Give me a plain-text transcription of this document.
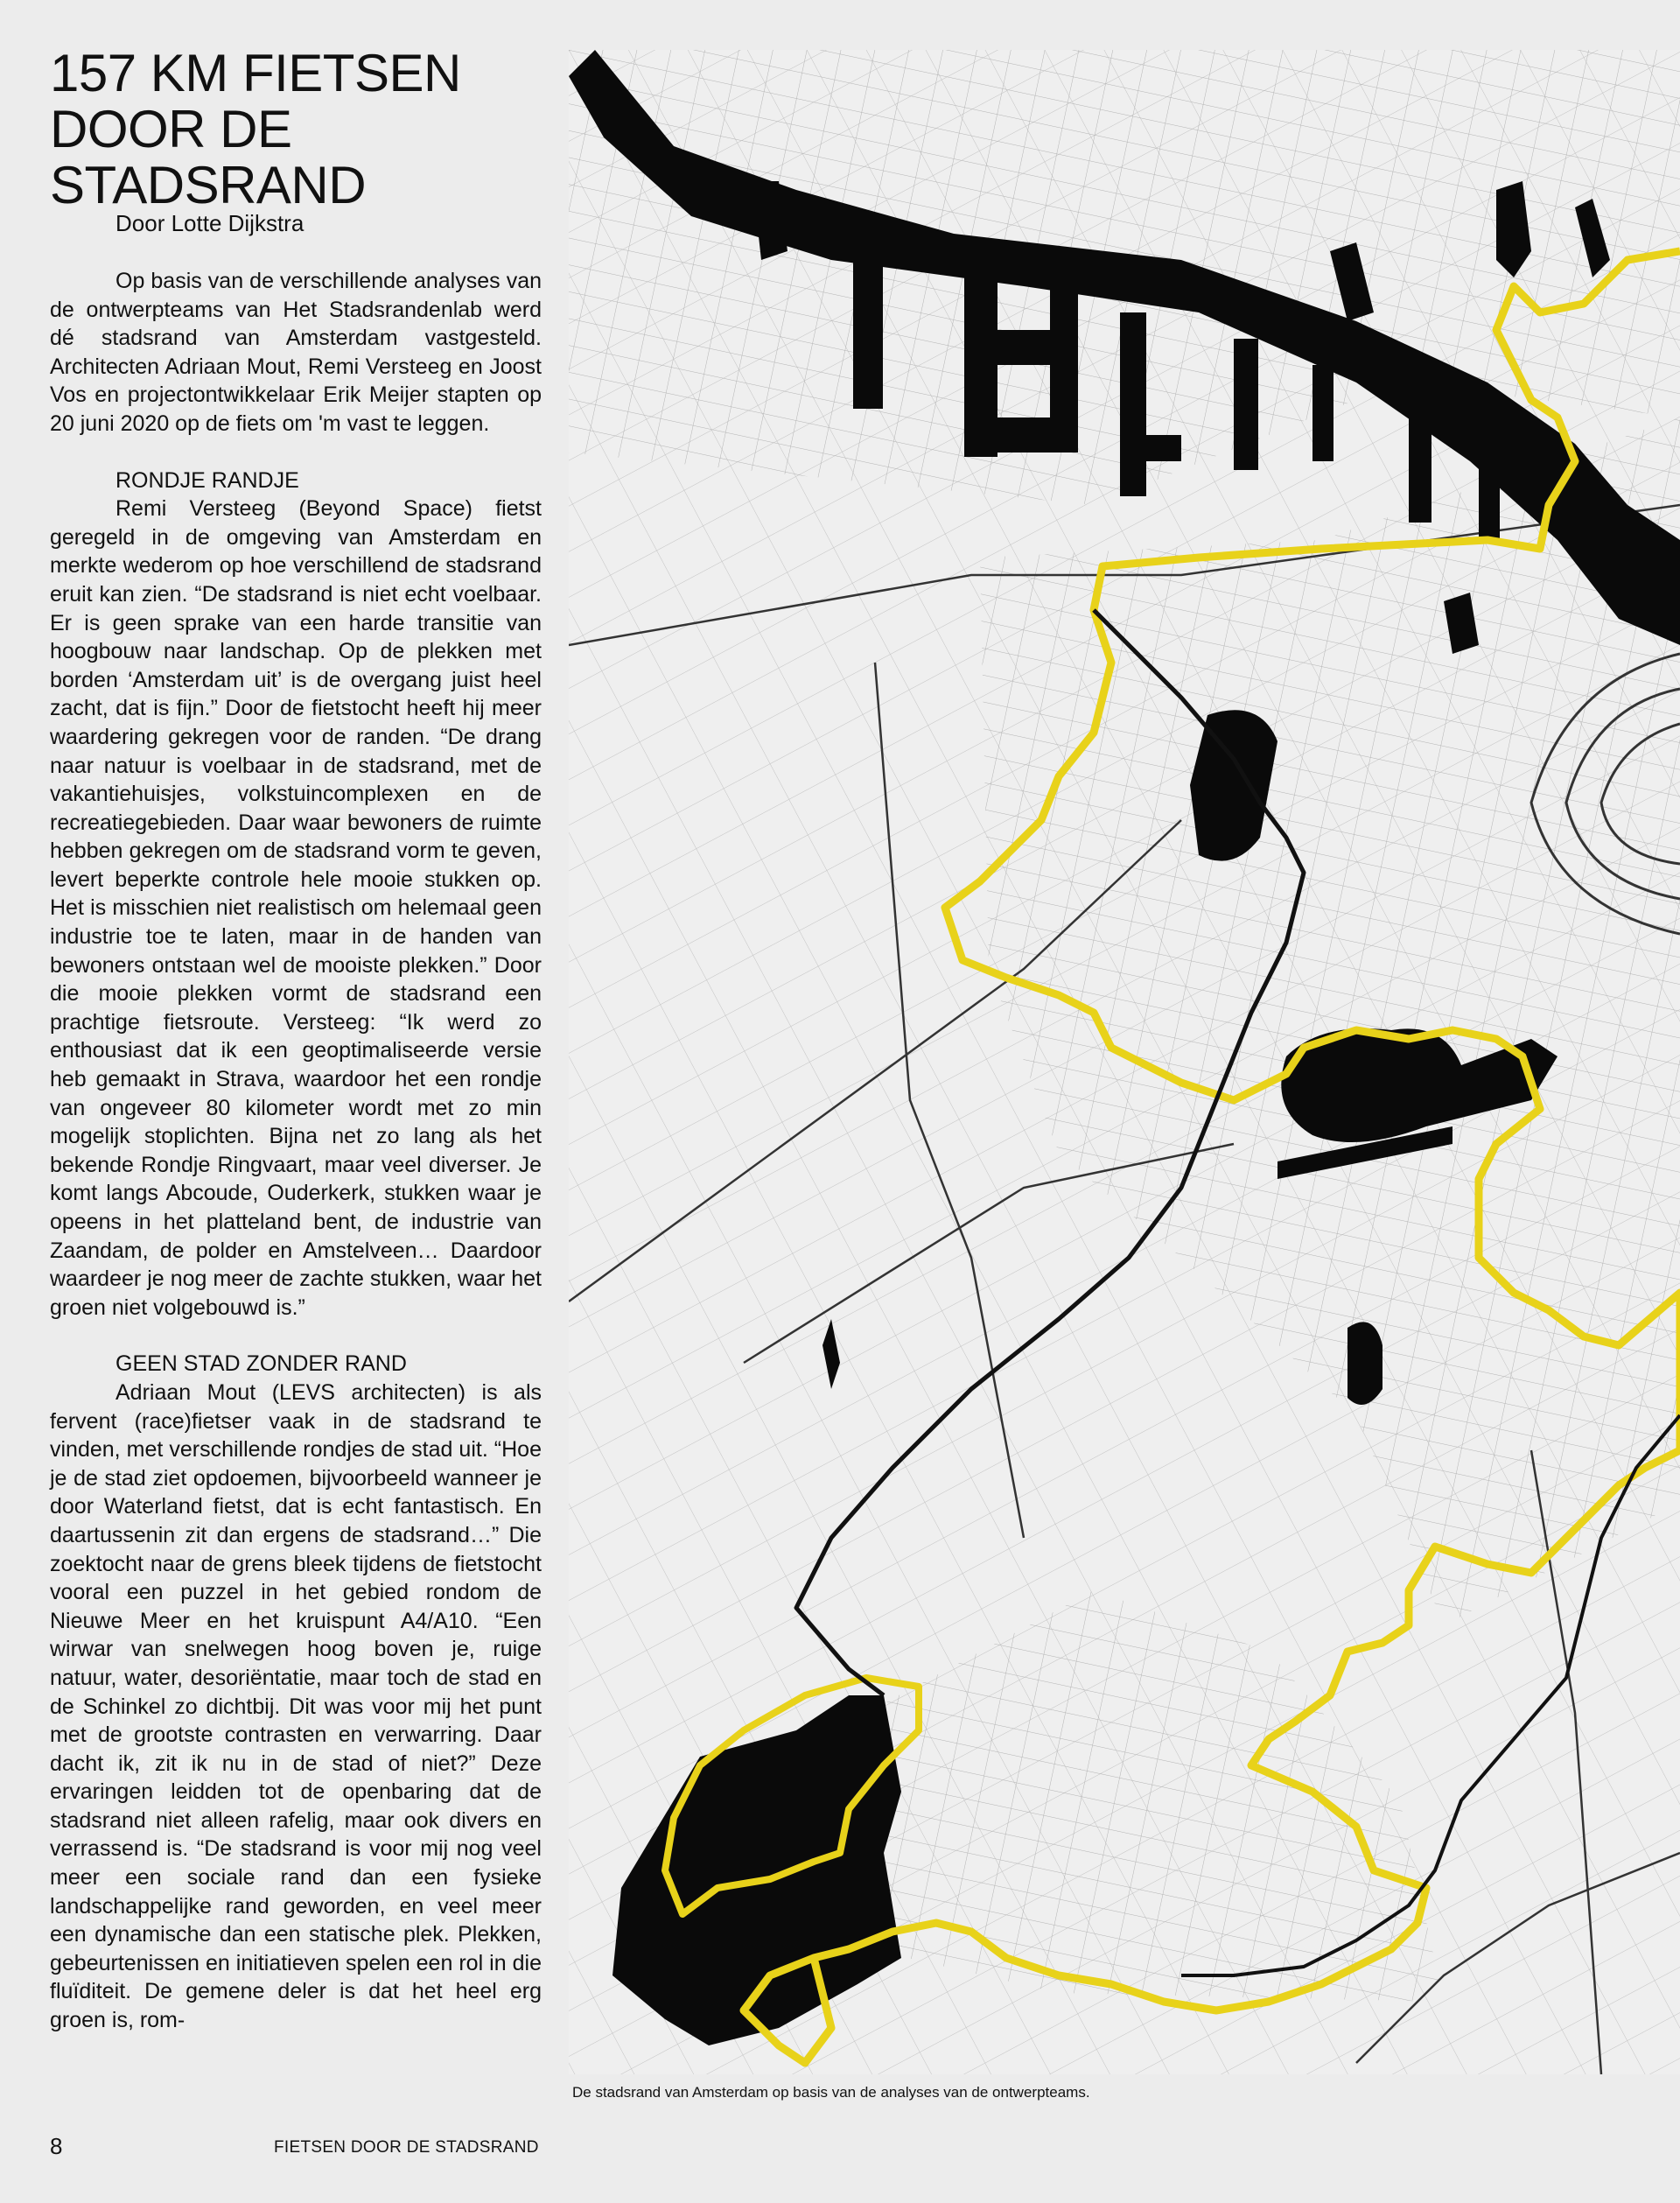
157 KM FIETSEN
DOOR DE
STADSRAND
Door Lotte Dijkstra

Op basis van de verschillende analyses van de ontwerpteams van Het Stadsrandenlab werd dé stadsrand van Amsterdam vastgesteld. Architecten Adriaan Mout, Remi Versteeg en Joost Vos en projectontwikkelaar Erik Meijer stapten op 20 juni 2020 op de fiets om 'm vast te leggen.

RONDJE RANDJE

Remi Versteeg (Beyond Space) fietst geregeld in de omgeving van Amsterdam en merkte wederom op hoe verschillend de stadsrand eruit kan zien. “De stadsrand is niet echt voelbaar. Er is geen sprake van een harde transitie van hoogbouw naar landschap. Op de plekken met borden ‘Amsterdam uit’ is de overgang juist heel zacht, dat is fijn.” Door de fietstocht heeft hij meer waardering gekregen voor de randen. “De drang naar natuur is voelbaar in de stadsrand, met de vakantiehuisjes, volkstuincomplexen en de recreatiegebieden. Daar waar bewoners de ruimte hebben gekregen om de stadsrand vorm te geven, levert beperkte controle hele mooie stukken op. Het is misschien niet realistisch om helemaal geen industrie toe te laten, maar in de handen van bewoners ontstaan wel de mooiste plekken.” Door die mooie plekken vormt de stadsrand een prachtige fietsroute. Versteeg: “Ik werd zo enthousiast dat ik een geoptimaliseerde versie heb gemaakt in Strava, waardoor het een rondje van ongeveer 80 kilometer wordt met zo min mogelijk stoplichten. Bijna net zo lang als het bekende Rondje Ringvaart, maar veel diverser. Je komt langs Abcoude, Ouderkerk, stukken waar je opeens in het platteland bent, de industrie van Zaandam, de polder en Amstelveen… Daardoor waardeer je nog meer de zachte stukken, waar het groen niet volgebouwd is.”

GEEN STAD ZONDER RAND

Adriaan Mout (LEVS architecten) is als fervent (race)fietser vaak in de stadsrand te vinden, met verschillende rondjes de stad uit. “Hoe je de stad ziet opdoemen, bijvoorbeeld wanneer je door Waterland fietst, dat is echt fantastisch. En daartussenin zit dan ergens de stadsrand…” Die zoektocht naar de grens bleek tijdens de fietstocht vooral een puzzel in het gebied rondom de Nieuwe Meer en het kruispunt A4/A10. “Een wirwar van snelwegen hoog boven je, ruige natuur, water, desoriëntatie, maar toch de stad en de Schinkel zo dichtbij. Dit was voor mij het punt met de grootste contrasten en verwarring. Daar dacht ik, zit ik nu in de stad of niet?” Deze ervaringen leidden tot de openbaring dat de stadsrand niet alleen rafelig, maar ook divers en verrassend is. “De stadsrand is voor mij nog veel meer een sociale rand dan een fysieke landschappelijke rand geworden, en veel meer een dynamische dan een statische plek. Plekken, gebeurtenissen en initiatieven spelen een rol in die fluïditeit. De gemene deler is dat het heel erg groen is, rom-

De stadsrand van Amsterdam op basis van de analyses van de ontwerpteams.
8	FIETSEN DOOR DE STADSRAND
